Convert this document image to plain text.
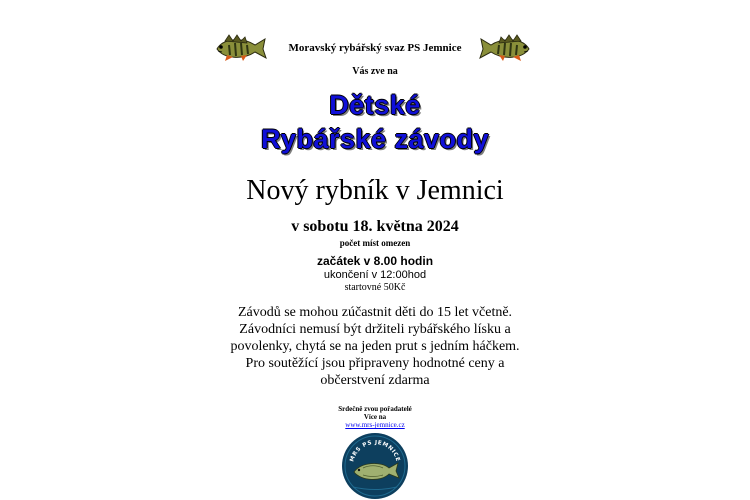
Moravský rybářský svaz PS Jemnice
Vás zve na
Dětské
Rybářské závody
Nový rybník v Jemnici
v sobotu 18. května 2024
počet míst omezen
začátek v 8.00 hodin
ukončení v 12:00hod
startovné 50Kč
Závodů se mohou zúčastnit děti do 15 let včetně.
Závodníci nemusí být držiteli rybářského lísku a
povolenky, chytá se na jeden prut s jedním háčkem.
Pro soutěžící jsou připraveny hodnotné ceny a
občerstvení zdarma
Srdečně zvou pořadatelé
Více na
www.mrs-jemnice.cz
MRS PS JEMNICE
